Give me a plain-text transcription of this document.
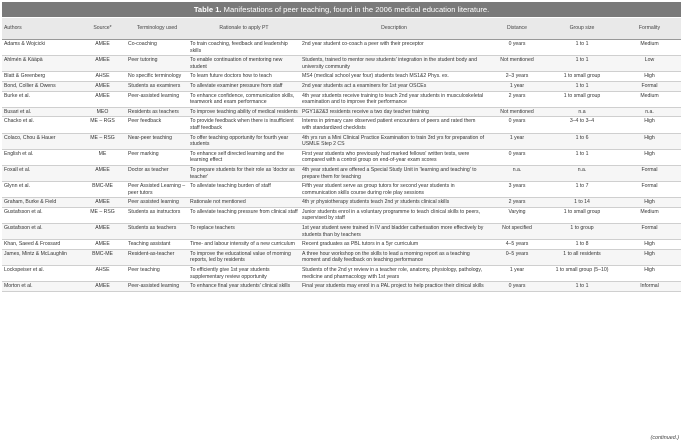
Table 1. Manifestations of peer teaching, found in the 2006 medical education literature.
Authors	Source*	Terminology used	Rationale to apply PT	Description	Distance	Group size	Formality
Adams & Wojcicki	AMEE	Co-coaching	To train coaching, feedback and leadership skills	2nd year student co-coach a peer with their preceptor	0 years	1 to 1	Medium
Ahlmén & Kääpä	AMEE	Peer tutoring	To enable continuation of mentoring new student	Students, trained to mentor new students' integration in the student body and university community	Not mentioned	1 to 1	Low
Blatt & Greenberg	AHSE	No specific terminology	To learn future doctors how to teach	MS4 (medical school year four) students teach MS1&2 Phys. ex.	2–3 years	1 to small group	High
Bond, Collier & Owens	AMEE	Students as examiners	To alleviate examiner pressure from staff	2nd year students act a examiners for 1st year OSCEs	1 year	1 to 1	Formal
Burke et al.	AMEE	Peer-assisted learning	To enhance confidence, communication skills, teamwork and exam performance	4th year students receive training to teach 2nd year students in musculoskeletal examination and to improve their performance	2 years	1 to small group	Medium
Busari et al.	MEO	Residents as teachers	To improve teaching ability of medical residents	PGY1&2&3 residents receive a two day teacher training	Not mentioned	n.a	n.a.
Chacko et al.	ME – RGS	Peer feedback	To provide feedback when there is insufficient staff feedback	Interns in primary care observed patient encounters of peers and rated them with standardized checklists	0 years	3–4 to 3–4	High
Colaco, Chou & Hauer	ME – RSG	Near-peer teaching	To offer teaching opportunity for fourth year students	4th yrs run a Mini Clinical Practice Examination to train 3rd yrs for preparation of USMLE Step 2 CS	1 year	1 to 6	High
English et al.	ME	Peer marking	To enhance self directed learning and the learning effect	First year students who previously had marked fellows' written tests, were compared with a control group on end-of-year exam scores	0 years	1 to 1	High
Foxall et al.	AMEE	Doctor as teacher	To prepare students for their role as 'doctor as teacher'	4th year student are offered a Special Study Unit in 'learning and teaching' to prepare them for teaching	n.a.	n.a.	Formal
Glynn et al.	BMC-ME	Peer Assisted Learning – peer tutors	To alleviate teaching burden of staff	Fifth year student serve as group tutors for second year students in communication skills course during role play sessions	3 years	1 to 7	Formal
Graham, Burke & Field	AMEE	Peer assisted learning	Rationale not mentioned	4th yr physiotherapy students teach 2nd yr students clinical skills	2 years	1 to 14	High
Gustafsson et al.	ME – RSG	Students as instructors	To alleviate teaching pressure from clinical staff	Junior students enrol in a voluntary programme to teach clinical skills to peers, supervised by staff	Varying	1 to small group	Medium
Gustafsson et al.	AMEE	Students as teachers	To replace teachers	1st year student were trained in IV and bladder catherisation more effectively by students than by teachers	Not specified	1 to group	Formal
Khan, Saeed & Frossard	AMEE	Teaching assistant	Time- and labour intensity of a new curriculum	Recent graduates as PBL tutors in a 5yr curriculum	4–5 years	1 to 8	High
James, Mintz & McLaughlin	BMC-ME	Resident-as-teacher	To improve the educational value of morning reports, led by residents	A three hour workshop on the skills to lead a morning report as a teaching moment and daily feedback on teaching performance	0–5 years	1 to all residents	High
Lockspeiser et al.	AHSE	Peer teaching	To efficiently give 1st year students supplementary review opportunity	Students of the 2nd yr review in a teacher role, anatomy, physiology, pathology, medicine and pharmacology with 1st years	1 year	1 to small group (5–10)	High
Morton et al.	AMEE	Peer-assisted learning	To enhance final year students' clinical skills	Final year students may enrol in a PAL project to help practice their clinical skills	0 years	1 to 1	Informal
(continued.)
